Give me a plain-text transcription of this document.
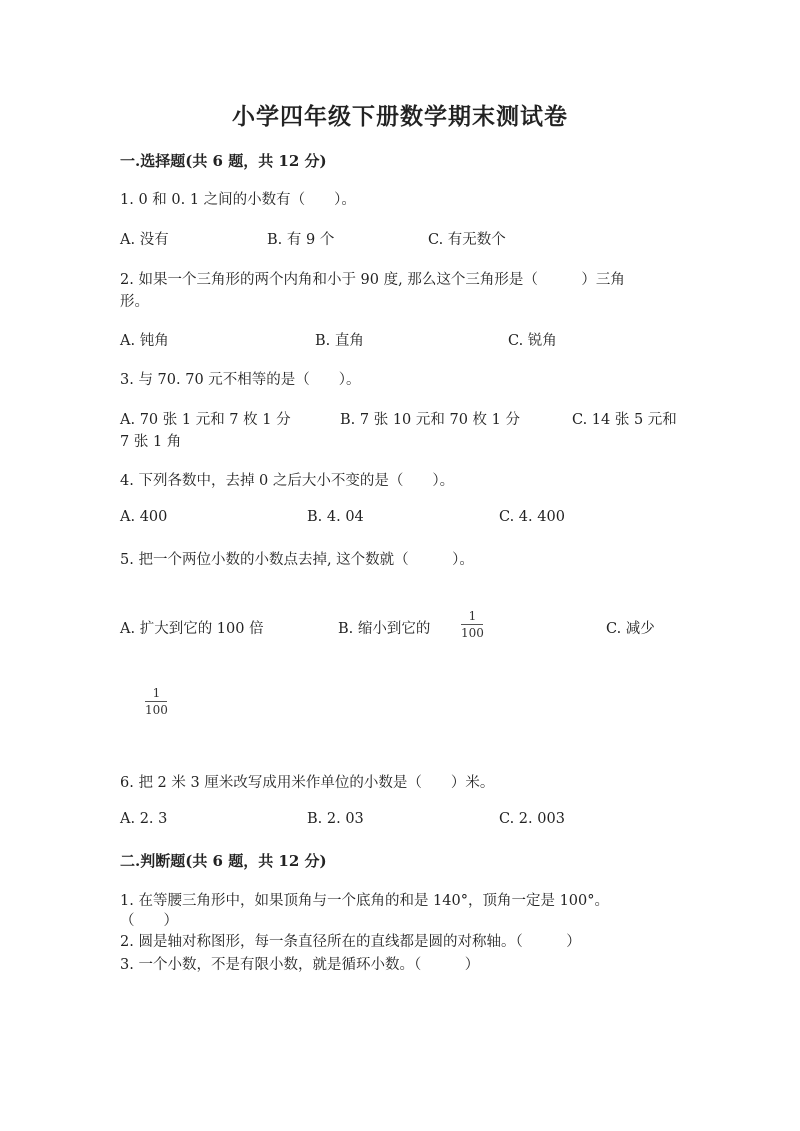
小学四年级下册数学期末测试卷
一.选择题(共 6 题，共 12 分)
1. 0 和 0. 1 之间的小数有（　　）。
A. 没有	B. 有 9 个	C. 有无数个
2. 如果一个三角形的两个内角和小于 90 度, 那么这个三角形是（　　　）三角
形。
A. 钝角	B. 直角	C. 锐角
3. 与 70. 70 元不相等的是（　　）。
A. 70 张 1 元和 7 枚 1 分	B. 7 张 10 元和 70 枚 1 分	C. 14 张 5 元和
7 张 1 角
4. 下列各数中，去掉 0 之后大小不变的是（　　）。
A. 400	B. 4. 04	C. 4. 400
5. 把一个两位小数的小数点去掉, 这个数就（　　　）。
A. 扩大到它的 100 倍	B. 缩小到它的
1
100	C. 减少
1
100
6. 把 2 米 3 厘米改写成用米作单位的小数是（　　）米。
A. 2. 3	B. 2. 03	C. 2. 003
二.判断题(共 6 题，共 12 分)
1. 在等腰三角形中，如果顶角与一个底角的和是 140°，顶角一定是 100°。
（　　）
2. 圆是轴对称图形，每一条直径所在的直线都是圆的对称轴。（　　　）
3. 一个小数，不是有限小数，就是循环小数。（　　　）
